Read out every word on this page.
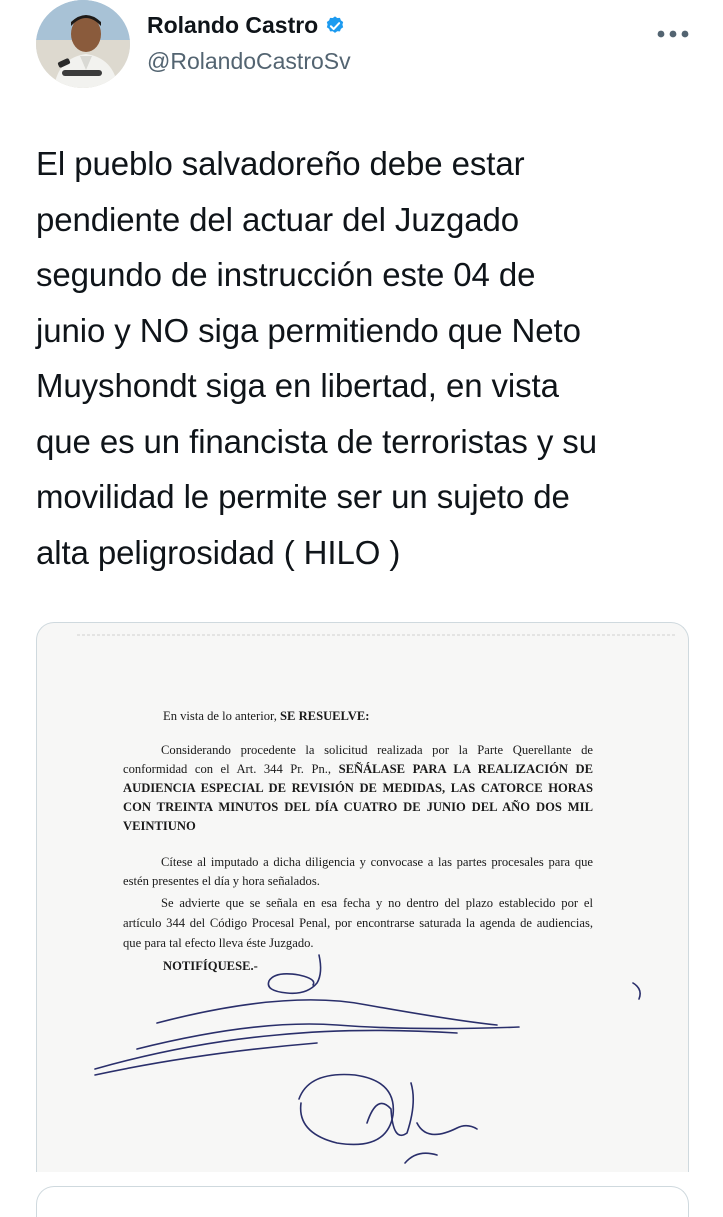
Rolando Castro
@RolandoCastroSv
El pueblo salvadoreño debe estar
pendiente del actuar del Juzgado
segundo de instrucción este 04 de
junio y NO siga permitiendo que Neto
Muyshondt siga en libertad, en vista
que es un financista de terroristas y su
movilidad le permite ser un sujeto de
alta peligrosidad ( HILO )

En vista de lo anterior, SE RESUELVE:

Considerando procedente la solicitud realizada por la Parte Querellante de conformidad con el Art. 344 Pr. Pn., SEÑÁLASE PARA LA REALIZACIÓN DE AUDIENCIA ESPECIAL DE REVISIÓN DE MEDIDAS, LAS CATORCE HORAS CON TREINTA MINUTOS DEL DÍA CUATRO DE JUNIO DEL AÑO DOS MIL VEINTIUNO

Cítese al imputado a dicha diligencia y convocase a las partes procesales para que estén presentes el día y hora señalados.

Se advierte que se señala en esa fecha y no dentro del plazo establecido por el artículo 344 del Código Procesal Penal, por encontrarse saturada la agenda de audiencias, que para tal efecto lleva éste Juzgado.

NOTIFÍQUESE.-
